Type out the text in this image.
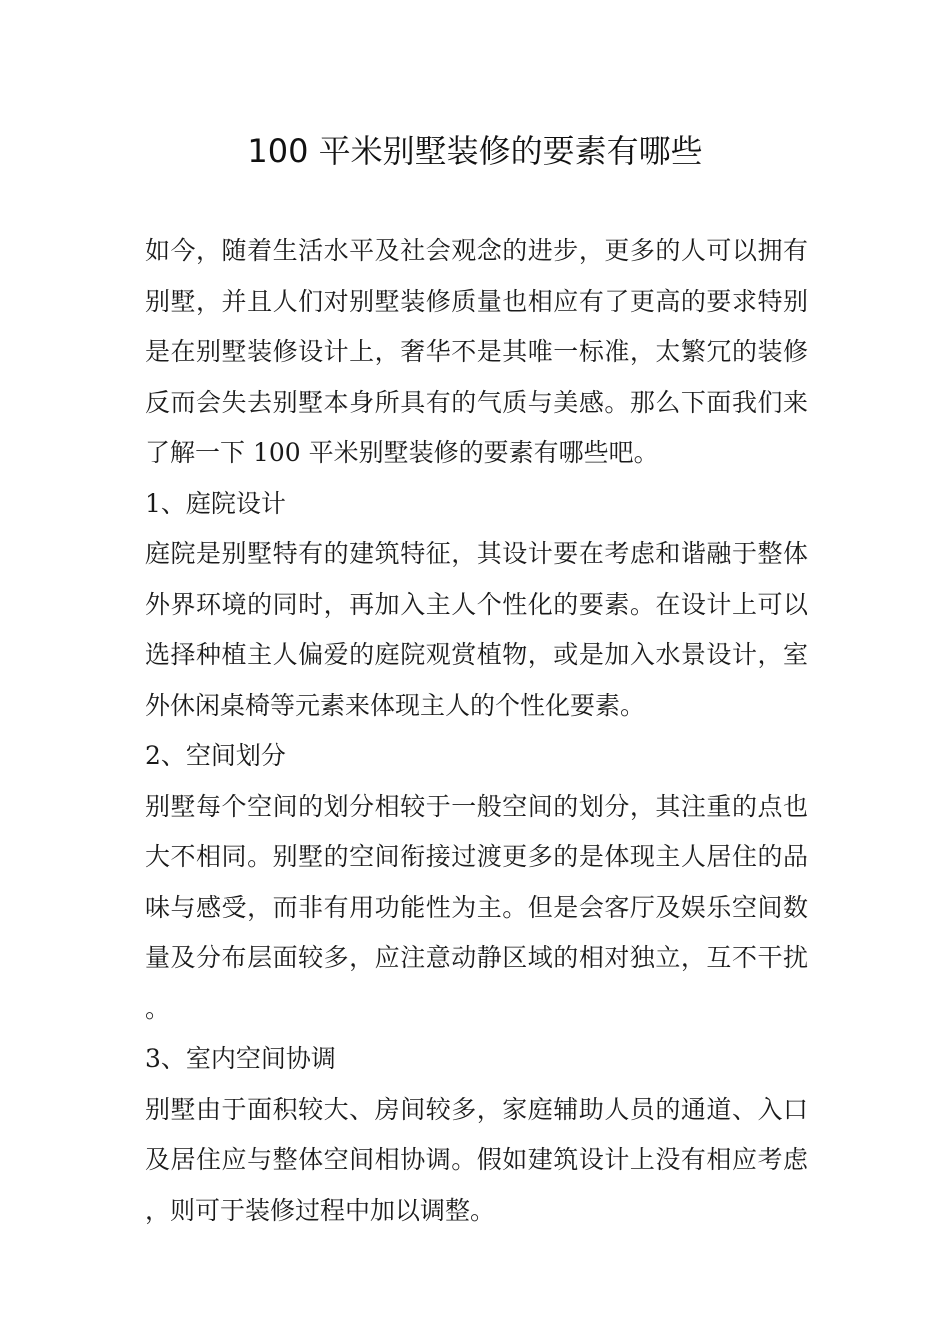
100 平米别墅装修的要素有哪些

如今，随着生活水平及社会观念的进步，更多的人可以拥有别墅，并且人们对别墅装修质量也相应有了更高的要求特别是在别墅装修设计上，奢华不是其唯一标准，太繁冗的装修反而会失去别墅本身所具有的气质与美感。那么下面我们来了解一下 100 平米别墅装修的要素有哪些吧。

1、庭院设计

庭院是别墅特有的建筑特征，其设计要在考虑和谐融于整体外界环境的同时，再加入主人个性化的要素。在设计上可以选择种植主人偏爱的庭院观赏植物，或是加入水景设计，室外休闲桌椅等元素来体现主人的个性化要素。

2、空间划分

别墅每个空间的划分相较于一般空间的划分，其注重的点也大不相同。别墅的空间衔接过渡更多的是体现主人居住的品味与感受，而非有用功能性为主。但是会客厅及娱乐空间数量及分布层面较多，应注意动静区域的相对独立，互不干扰。

3、室内空间协调

别墅由于面积较大、房间较多，家庭辅助人员的通道、入口及居住应与整体空间相协调。假如建筑设计上没有相应考虑，则可于装修过程中加以调整。
